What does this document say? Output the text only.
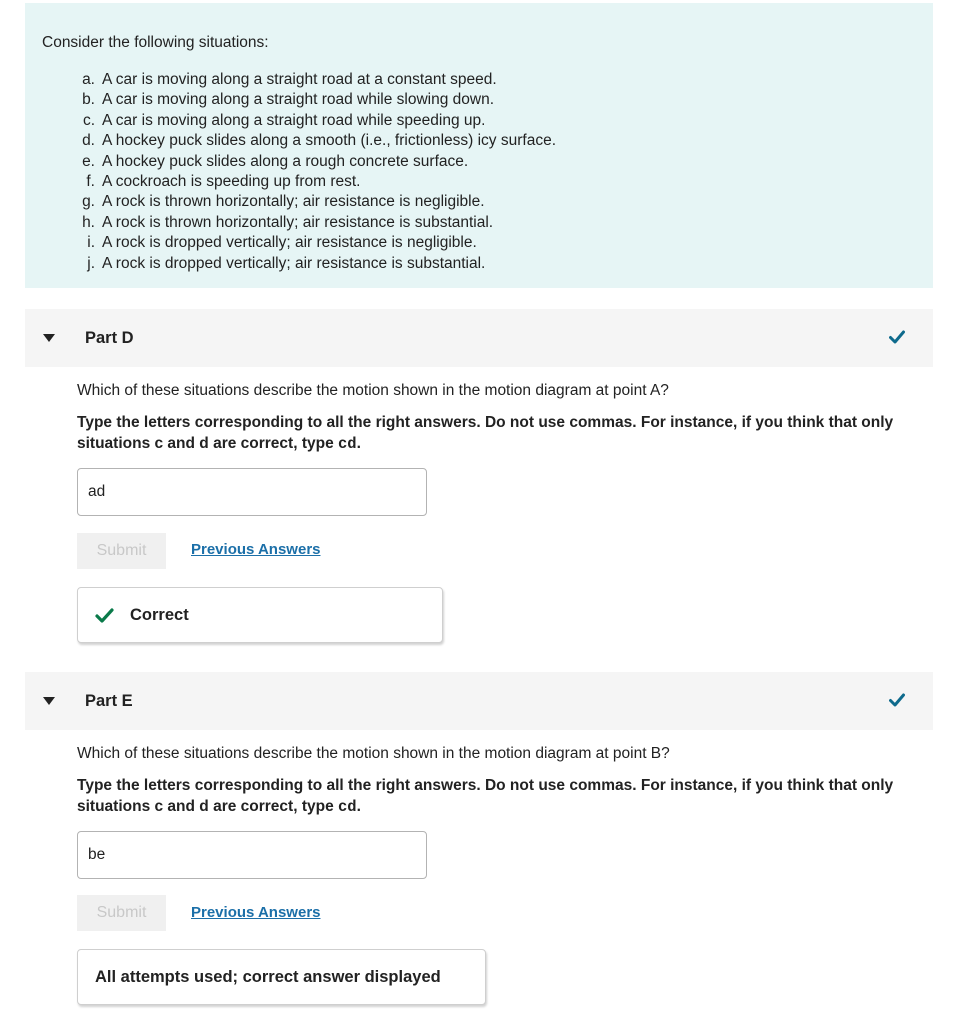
Consider the following situations:

a. A car is moving along a straight road at a constant speed.
b. A car is moving along a straight road while slowing down.
c. A car is moving along a straight road while speeding up.
d. A hockey puck slides along a smooth (i.e., frictionless) icy surface.
e. A hockey puck slides along a rough concrete surface.
f. A cockroach is speeding up from rest.
g. A rock is thrown horizontally; air resistance is negligible.
h. A rock is thrown horizontally; air resistance is substantial.
i. A rock is dropped vertically; air resistance is negligible.
j. A rock is dropped vertically; air resistance is substantial.
Part D

Which of these situations describe the motion shown in the motion diagram at point A?

Type the letters corresponding to all the right answers. Do not use commas. For instance, if you think that only situations c and d are correct, type cd.

ad
Submit	Previous Answers
Correct
Part E

Which of these situations describe the motion shown in the motion diagram at point B?

Type the letters corresponding to all the right answers. Do not use commas. For instance, if you think that only situations c and d are correct, type cd.

be
Submit	Previous Answers
All attempts used; correct answer displayed
